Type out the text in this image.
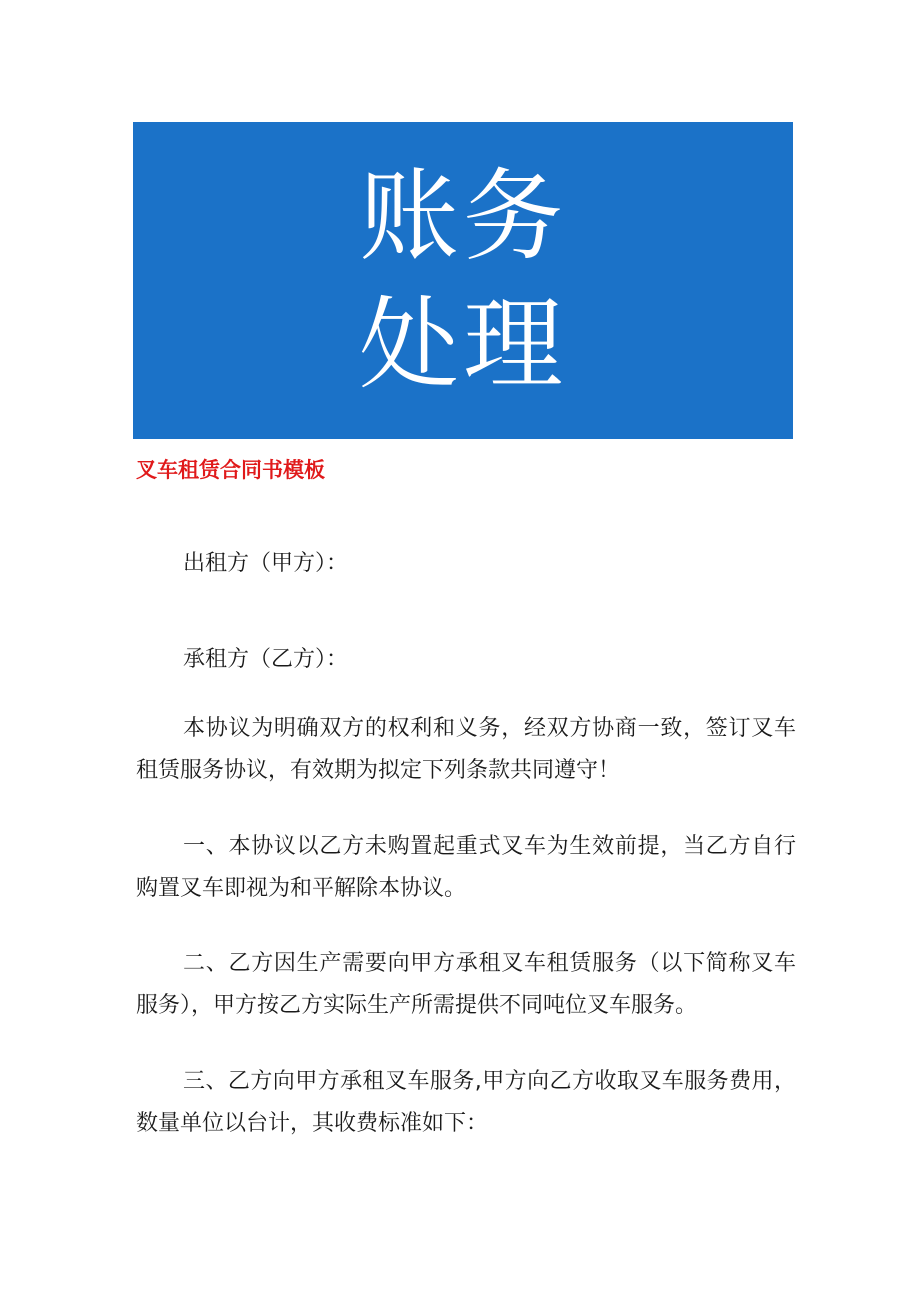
账务
处理
叉车租赁合同书模板
出租方（甲方）：
承租方（乙方）：
本协议为明确双方的权利和义务，经双方协商一致，签订叉车租赁服务协议，有效期为拟定下列条款共同遵守！
一、本协议以乙方未购置起重式叉车为生效前提，当乙方自行购置叉车即视为和平解除本协议。
二、乙方因生产需要向甲方承租叉车租赁服务（以下简称叉车服务），甲方按乙方实际生产所需提供不同吨位叉车服务。
三、乙方向甲方承租叉车服务,甲方向乙方收取叉车服务费用，数量单位以台计，其收费标准如下：
